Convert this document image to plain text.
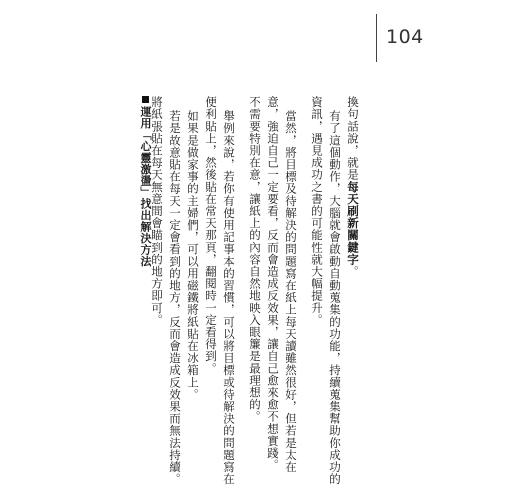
104
換句話說，就是每天刷新關鍵字。
有了這個動作，大腦就會啟動自動蒐集的功能，持續蒐集幫助你成功的
資訊，遇見成功之書的可能性就大幅提升。
當然，將目標及待解決的問題寫在紙上每天讀雖然很好，但若是太在
意，強迫自己一定要看，反而會造成反效果，讓自己愈來愈不想實踐。
不需要特別在意，讓紙上的內容自然地映入眼簾是最理想的。
舉例來說，若你有使用記事本的習慣，可以將目標或待解決的問題寫在
便利貼上，然後貼在常天那頁，翻閱時一定看得到。
如果是做家事的主婦們，可以用磁鐵將紙貼在冰箱上。
若是故意貼在每天一定會看到的地方，反而會造成反效果而無法持續。
將紙張貼在每天無意間會瞄到的地方即可。
運用「心靈激盪」找出解決方法
